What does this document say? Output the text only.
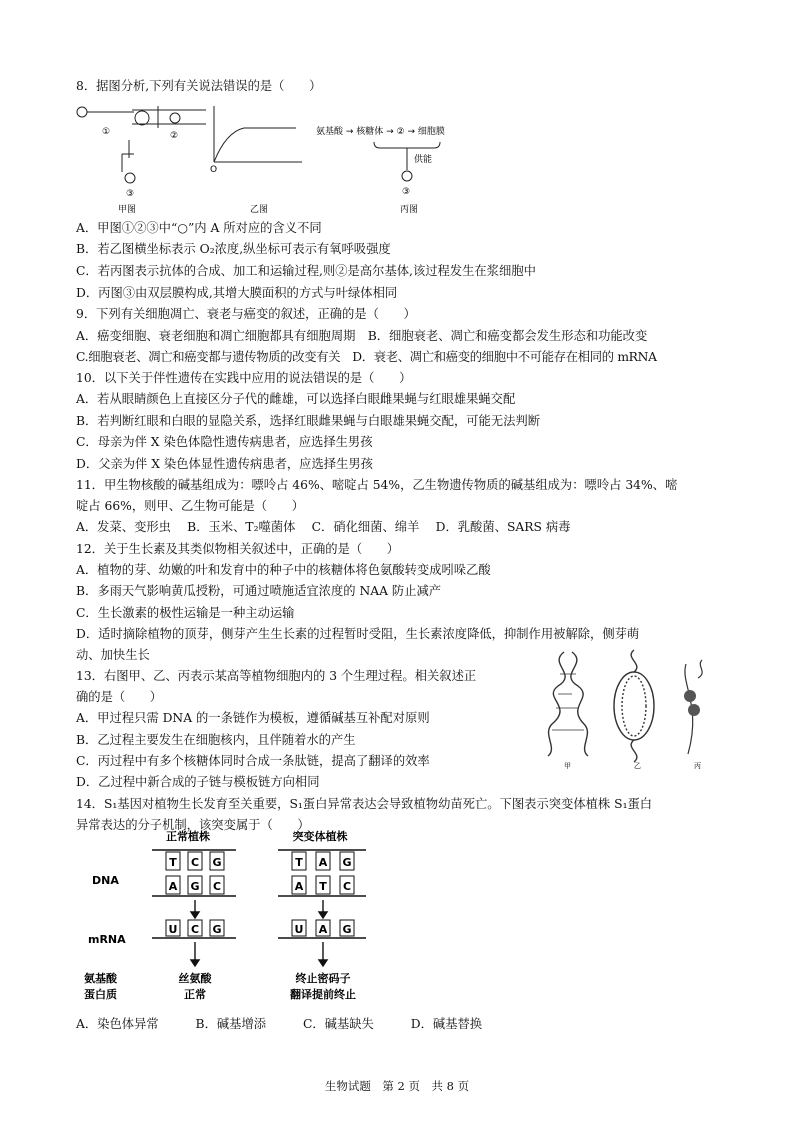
8．据图分析,下列有关说法错误的是（　　）
①	②
③
甲图
O
乙图
氨基酸 → 核糖体 → ② → 细胞膜
供能
③
丙图
A．甲图①②③中“○”内 A 所对应的含义不同
B．若乙图横坐标表示 O₂浓度,纵坐标可表示有氧呼吸强度
C．若丙图表示抗体的合成、加工和运输过程,则②是高尔基体,该过程发生在浆细胞中
D．丙图③由双层膜构成,其增大膜面积的方式与叶绿体相同
9．下列有关细胞凋亡、衰老与癌变的叙述，正确的是（　　）
A．癌变细胞、衰老细胞和凋亡细胞都具有细胞周期　B．细胞衰老、凋亡和癌变都会发生形态和功能改变
C.细胞衰老、凋亡和癌变都与遗传物质的改变有关　D．衰老、凋亡和癌变的细胞中不可能存在相同的 mRNA
10．以下关于伴性遗传在实践中应用的说法错误的是（　　）
A．若从眼睛颜色上直接区分子代的雌雄，可以选择白眼雌果蝇与红眼雄果蝇交配
B．若判断红眼和白眼的显隐关系，选择红眼雌果蝇与白眼雄果蝇交配，可能无法判断
C．母亲为伴 X 染色体隐性遗传病患者，应选择生男孩
D．父亲为伴 X 染色体显性遗传病患者，应选择生男孩
11．甲生物核酸的碱基组成为：嘌呤占 46%、嘧啶占 54%，乙生物遗传物质的碱基组成为：嘌呤占 34%、嘧
啶占 66%，则甲、乙生物可能是（　　）
A．发菜、变形虫　 B．玉米、T₂噬菌体　 C．硝化细菌、绵羊　 D．乳酸菌、SARS 病毒
12．关于生长素及其类似物相关叙述中，正确的是（　　）
A．植物的芽、幼嫩的叶和发育中的种子中的核糖体将色氨酸转变成吲哚乙酸
B．多雨天气影响黄瓜授粉，可通过喷施适宜浓度的 NAA 防止减产
C．生长激素的极性运输是一种主动运输
D．适时摘除植物的顶芽，侧芽产生生长素的过程暂时受阻，生长素浓度降低，抑制作用被解除，侧芽萌
动、加快生长
13．右图甲、乙、丙表示某高等植物细胞内的 3 个生理过程。相关叙述正
确的是（　　）
A．甲过程只需 DNA 的一条链作为模板，遵循碱基互补配对原则
B．乙过程主要发生在细胞核内，且伴随着水的产生
C．丙过程中有多个核糖体同时合成一条肽链，提高了翻译的效率
D．乙过程中新合成的子链与模板链方向相同
甲	乙	丙
14．S₁基因对植物生长发育至关重要，S₁蛋白异常表达会导致植物幼苗死亡。下图表示突变体植株 S₁蛋白
异常表达的分子机制，该突变属于（　　）
正常植株	突变体植株
DNA
mRNA
氨基酸
蛋白质
T C G
A G C
T A G
A T C
U C G	U A G
丝氨酸
正常
终止密码子
翻译提前终止
A．染色体异常　　　B．碱基增添　　　C．碱基缺失　　　D．碱基替换
生物试题　第 2 页　共 8 页
